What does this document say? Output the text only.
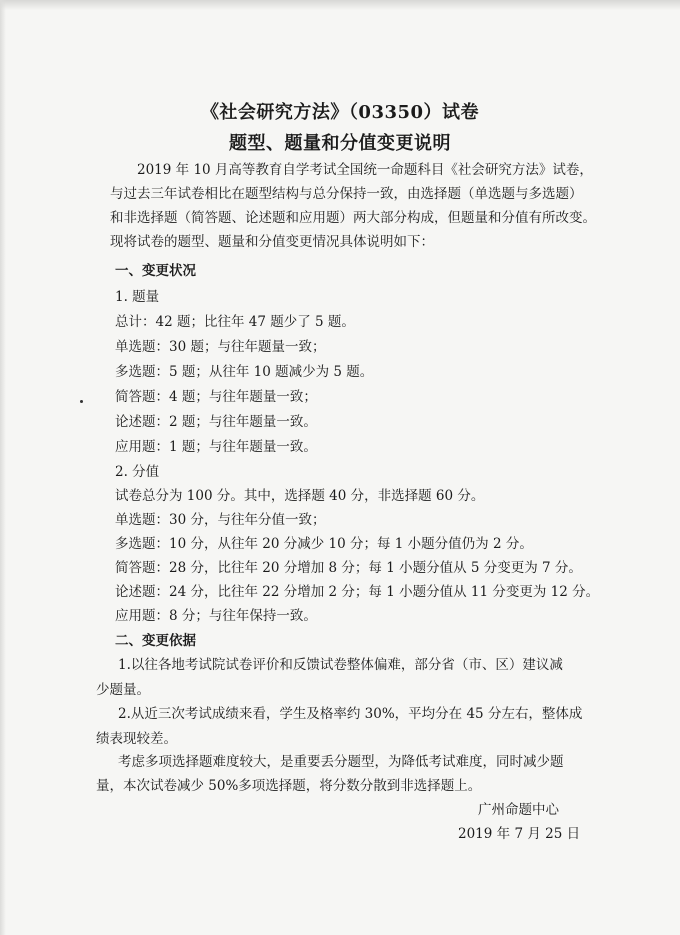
《社会研究方法》（03350）试卷
题型、题量和分值变更说明
2019 年 10 月高等教育自学考试全国统一命题科目《社会研究方法》试卷，
与过去三年试卷相比在题型结构与总分保持一致，由选择题（单选题与多选题）
和非选择题（简答题、论述题和应用题）两大部分构成，但题量和分值有所改变。
现将试卷的题型、题量和分值变更情况具体说明如下：
一、变更状况
1. 题量
总计：42 题；比往年 47 题少了 5 题。
单选题：30 题；与往年题量一致；
多选题：5 题；从往年 10 题减少为 5 题。
简答题：4 题；与往年题量一致；
论述题：2 题；与往年题量一致。
应用题：1 题；与往年题量一致。
2. 分值
试卷总分为 100 分。其中，选择题 40 分，非选择题 60 分。
单选题：30 分，与往年分值一致；
多选题：10 分，从往年 20 分减少 10 分；每 1 小题分值仍为 2 分。
简答题：28 分，比往年 20 分增加 8 分；每 1 小题分值从 5 分变更为 7 分。
论述题：24 分，比往年 22 分增加 2 分；每 1 小题分值从 11 分变更为 12 分。
应用题：8 分；与往年保持一致。
二、变更依据
1.以往各地考试院试卷评价和反馈试卷整体偏难，部分省（市、区）建议减
少题量。
2.从近三次考试成绩来看，学生及格率约 30%，平均分在 45 分左右，整体成
绩表现较差。
考虑多项选择题难度较大，是重要丢分题型，为降低考试难度，同时减少题
量，本次试卷减少 50%多项选择题，将分数分散到非选择题上。
广州命题中心
2019 年 7 月 25 日
